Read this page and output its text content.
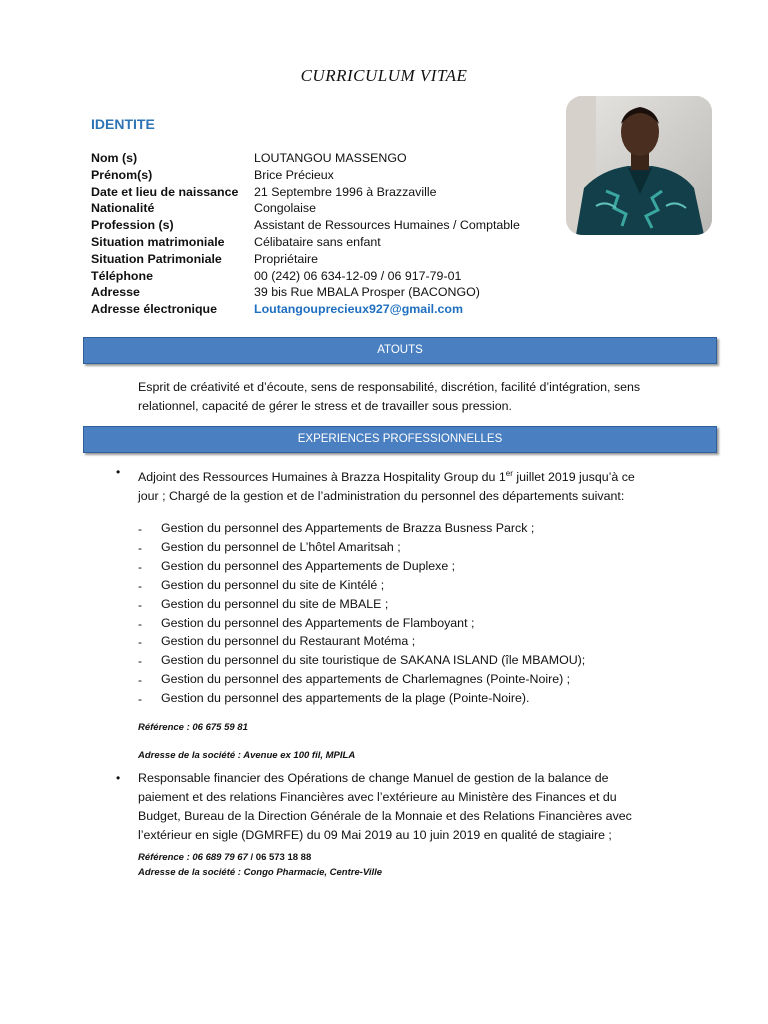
CURRICULUM VITAE
IDENTITE
Nom (s)	LOUTANGOU MASSENGO
Prénom(s)	Brice Précieux
Date et lieu de naissance	21 Septembre 1996 à Brazzaville
Nationalité	Congolaise
Profession (s)	Assistant de Ressources Humaines / Comptable
Situation matrimoniale	Célibataire sans enfant
Situation Patrimoniale	Propriétaire
Téléphone	00 (242) 06 634-12-09 / 06 917-79-01
Adresse	39 bis Rue MBALA Prosper (BACONGO)
Adresse électronique	Loutangouprecieux927@gmail.com
ATOUTS
Esprit de créativité et d’écoute, sens de responsabilité, discrétion, facilité d’intégration, sens
relationnel, capacité de gérer le stress et de travailler sous pression.
EXPERIENCES PROFESSIONNELLES
• Adjoint des Ressources Humaines à Brazza Hospitality Group du 1er juillet 2019 jusqu’à ce
jour ; Chargé de la gestion et de l’administration du personnel des départements suivant:
- Gestion du personnel des Appartements de Brazza Busness Parck ;
- Gestion du personnel de L’hôtel Amaritsah ;
- Gestion du personnel des Appartements de Duplexe ;
- Gestion du personnel du site de Kintélé ;
- Gestion du personnel du site de MBALE ;
- Gestion du personnel des Appartements de Flamboyant ;
- Gestion du personnel du Restaurant Motéma ;
- Gestion du personnel du site touristique de SAKANA ISLAND (île MBAMOU);
- Gestion du personnel des appartements de Charlemagnes (Pointe-Noire) ;
- Gestion du personnel des appartements de la plage (Pointe-Noire).
Référence : 06 675 59 81
Adresse de la société : Avenue ex 100 fil, MPILA
• Responsable financier des Opérations de change Manuel de gestion de la balance de
paiement et des relations Financières avec l’extérieure au Ministère des Finances et du
Budget, Bureau de la Direction Générale de la Monnaie et des Relations Financières avec
l’extérieur en sigle (DGMRFE) du 09 Mai 2019 au 10 juin 2019 en qualité de stagiaire ;
Référence : 06 689 79 67 / 06 573 18 88
Adresse de la société : Congo Pharmacie, Centre-Ville
